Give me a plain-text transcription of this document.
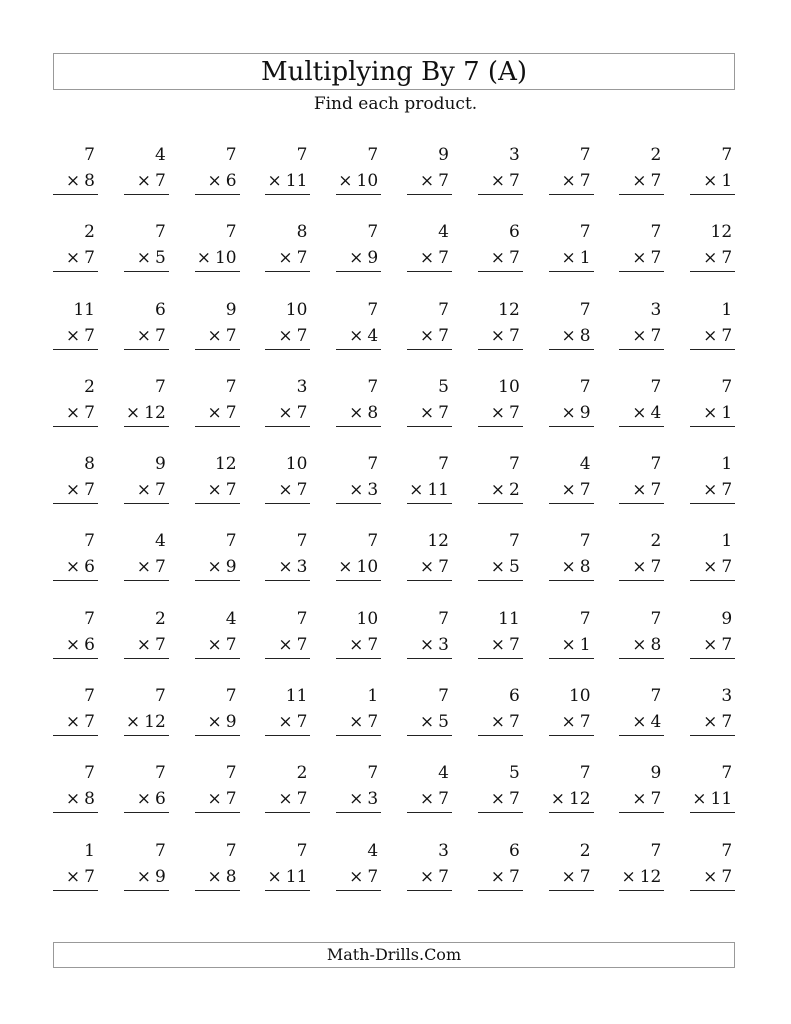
Multiplying By 7 (A)
Find each product.
7
× 8
4
× 7
7
× 6
7
× 11
7
× 10
9
× 7
3
× 7
7
× 7
2
× 7
7
× 1
2
× 7
7
× 5
7
× 10
8
× 7
7
× 9
4
× 7
6
× 7
7
× 1
7
× 7
12
× 7
11
× 7
6
× 7
9
× 7
10
× 7
7
× 4
7
× 7
12
× 7
7
× 8
3
× 7
1
× 7
2
× 7
7
× 12
7
× 7
3
× 7
7
× 8
5
× 7
10
× 7
7
× 9
7
× 4
7
× 1
8
× 7
9
× 7
12
× 7
10
× 7
7
× 3
7
× 11
7
× 2
4
× 7
7
× 7
1
× 7
7
× 6
4
× 7
7
× 9
7
× 3
7
× 10
12
× 7
7
× 5
7
× 8
2
× 7
1
× 7
7
× 6
2
× 7
4
× 7
7
× 7
10
× 7
7
× 3
11
× 7
7
× 1
7
× 8
9
× 7
7
× 7
7
× 12
7
× 9
11
× 7
1
× 7
7
× 5
6
× 7
10
× 7
7
× 4
3
× 7
7
× 8
7
× 6
7
× 7
2
× 7
7
× 3
4
× 7
5
× 7
7
× 12
9
× 7
7
× 11
1
× 7
7
× 9
7
× 8
7
× 11
4
× 7
3
× 7
6
× 7
2
× 7
7
× 12
7
× 7
Math-Drills.Com
